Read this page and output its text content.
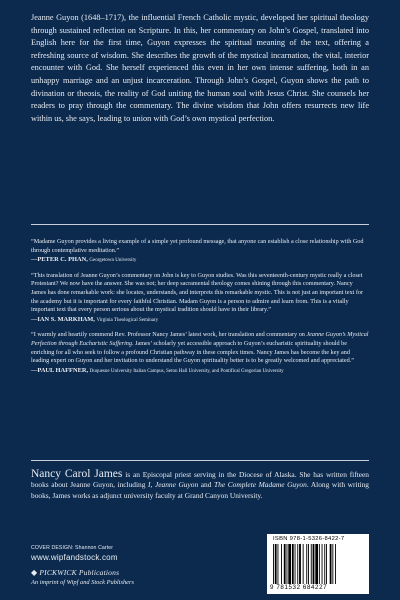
Jeanne Guyon (1648–1717), the influential French Catholic mystic, developed her spiritual theology through sustained reflection on Scripture. In this, her commentary on John’s Gospel, translated into English here for the first time, Guyon expresses the spiritual meaning of the text, offering a refreshing source of wisdom. She describes the growth of the mystical incarnation, the vital, interior encounter with God. She herself experienced this even in her own intense suffering, both in an unhappy marriage and an unjust incarceration. Through John’s Gospel, Guyon shows the path to divination or theosis, the reality of God uniting the human soul with Jesus Christ. She counsels her readers to pray through the commentary. The divine wisdom that John offers resurrects new life within us, she says, leading to union with God’s own mystical perfection.

“Madame Guyon provides a living example of a simple yet profound message, that anyone can establish a close relationship with God through contemplative meditation.”
—PETER C. PHAN, Georgetown University
“This translation of Jeanne Guyon’s commentary on John is key to Guyon studies. Was this seventeenth-century mystic really a closet Protestant? We now have the answer. She was not; her deep sacramental theology comes shining through this commentary. Nancy James has done remarkable work: she locates, understands, and interprets this remarkable mystic. This is not just an important text for the academy but it is important for every faithful Christian. Madam Guyon is a person to admire and learn from. This is a vitally important text that every person serious about the mystical tradition should have in their library.”
—IAN S. MARKHAM, Virginia Theological Seminary
“I warmly and heartily commend Rev. Professor Nancy James’ latest work, her translation and commentary on Jeanne Guyon’s Mystical Perfection through Eucharistic Suffering. James’ scholarly yet accessible approach to Guyon’s eucharistic spirituality should be enriching for all who seek to follow a profound Christian pathway in these complex times. Nancy James has become the key and leading expert on Guyon and her invitation to understand the Guyon spirituality better is to be greatly welcomed and appreciated.”
—PAUL HAFFNER, Duquesne University Italian Campus, Seton Hall University, and Pontifical Gregorian University

Nancy Carol James is an Episcopal priest serving in the Diocese of Alaska. She has written fifteen books about Jeanne Guyon, including I, Jeanne Guyon and The Complete Madame Guyon. Along with writing books, James works as adjunct university faculty at Grand Canyon University.

COVER DESIGN: Shannon Carter
www.wipfandstock.com
◆ PICKWICK Publications
An imprint of Wipf and Stock Publishers
ISBN 978-1-5326-8422-7
9 781532 684227
